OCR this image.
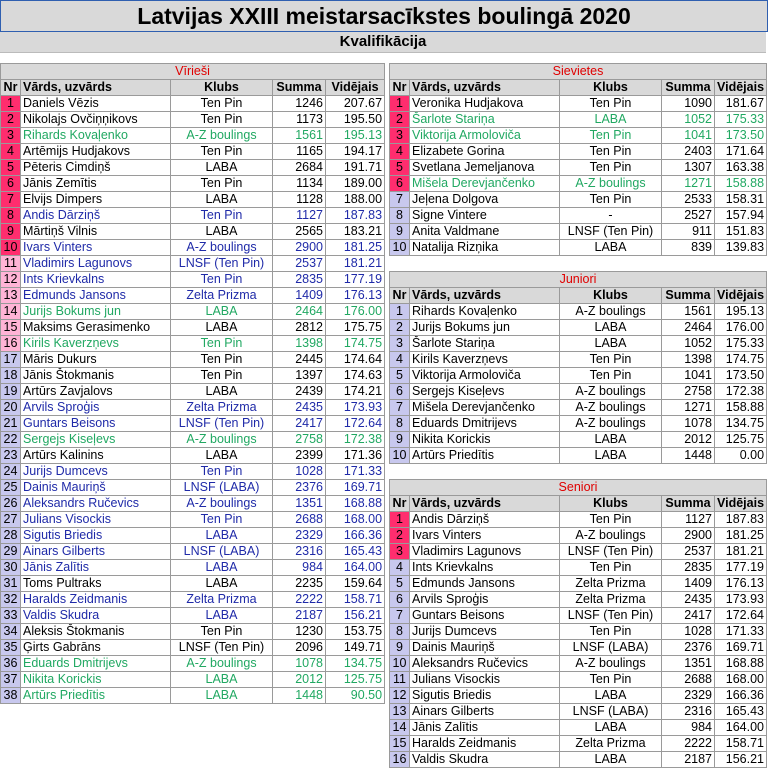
Latvijas XXIII meistarsacīkstes boulingā 2020
Kvalifikācija
Vīrieši				
Nr	Vārds, uzvārds	Klubs	Summa	Vidējais
1	Daniels Vēzis	Ten Pin	1246	207.67
2	Nikolajs Ovčiņņikovs	Ten Pin	1173	195.50
3	Rihards Kovaļenko	A-Z boulings	1561	195.13
4	Artēmijs Hudjakovs	Ten Pin	1165	194.17
5	Pēteris Cimdiņš	LABA	2684	191.71
6	Jānis Zemītis	Ten Pin	1134	189.00
7	Elvijs Dimpers	LABA	1128	188.00
8	Andis Dārziņš	Ten Pin	1127	187.83
9	Mārtiņš Vilnis	LABA	2565	183.21
10	Ivars Vinters	A-Z boulings	2900	181.25
11	Vladimirs Lagunovs	LNSF (Ten Pin)	2537	181.21
12	Ints Krievkalns	Ten Pin	2835	177.19
13	Edmunds Jansons	Zelta Prizma	1409	176.13
14	Jurijs Bokums jun	LABA	2464	176.00
15	Maksims Gerasimenko	LABA	2812	175.75
16	Kirils Kaverzņevs	Ten Pin	1398	174.75
17	Māris Dukurs	Ten Pin	2445	174.64
18	Jānis Štokmanis	Ten Pin	1397	174.63
19	Artūrs Zavjalovs	LABA	2439	174.21
20	Arvils Sproģis	Zelta Prizma	2435	173.93
21	Guntars Beisons	LNSF (Ten Pin)	2417	172.64
22	Sergejs Kiseļevs	A-Z boulings	2758	172.38
23	Artūrs Kalinins	LABA	2399	171.36
24	Jurijs Dumcevs	Ten Pin	1028	171.33
25	Dainis Mauriņš	LNSF (LABA)	2376	169.71
26	Aleksandrs Ručevics	A-Z boulings	1351	168.88
27	Julians Visockis	Ten Pin	2688	168.00
28	Sigutis Briedis	LABA	2329	166.36
29	Ainars Gilberts	LNSF (LABA)	2316	165.43
30	Jānis Zalītis	LABA	984	164.00
31	Toms Pultraks	LABA	2235	159.64
32	Haralds Zeidmanis	Zelta Prizma	2222	158.71
33	Valdis Skudra	LABA	2187	156.21
34	Aleksis Štokmanis	Ten Pin	1230	153.75
35	Ģirts Gabrāns	LNSF (Ten Pin)	2096	149.71
36	Eduards Dmitrijevs	A-Z boulings	1078	134.75
37	Nikita Korickis	LABA	2012	125.75
38	Artūrs Priedītis	LABA	1448	90.50
Sievietes				
Nr	Vārds, uzvārds	Klubs	Summa	Vidējais
1	Veronika Hudjakova	Ten Pin	1090	181.67
2	Šarlote Stariņa	LABA	1052	175.33
3	Viktorija Armoloviča	Ten Pin	1041	173.50
4	Elizabete Gorina	Ten Pin	2403	171.64
5	Svetlana Jemeljanova	Ten Pin	1307	163.38
6	Mišela Derevjančenko	A-Z boulings	1271	158.88
7	Jeļena Dolgova	Ten Pin	2533	158.31
8	Signe Vintere	-	2527	157.94
9	Anita Valdmane	LNSF (Ten Pin)	911	151.83
10	Natalija Rizņika	LABA	839	139.83
Juniori				
Nr	Vārds, uzvārds	Klubs	Summa	Vidējais
1	Rihards Kovaļenko	A-Z boulings	1561	195.13
2	Jurijs Bokums jun	LABA	2464	176.00
3	Šarlote Stariņa	LABA	1052	175.33
4	Kirils Kaverzņevs	Ten Pin	1398	174.75
5	Viktorija Armoloviča	Ten Pin	1041	173.50
6	Sergejs Kiseļevs	A-Z boulings	2758	172.38
7	Mišela Derevjančenko	A-Z boulings	1271	158.88
8	Eduards Dmitrijevs	A-Z boulings	1078	134.75
9	Nikita Korickis	LABA	2012	125.75
10	Artūrs Priedītis	LABA	1448	0.00
Seniori				
Nr	Vārds, uzvārds	Klubs	Summa	Vidējais
1	Andis Dārziņš	Ten Pin	1127	187.83
2	Ivars Vinters	A-Z boulings	2900	181.25
3	Vladimirs Lagunovs	LNSF (Ten Pin)	2537	181.21
4	Ints Krievkalns	Ten Pin	2835	177.19
5	Edmunds Jansons	Zelta Prizma	1409	176.13
6	Arvils Sproģis	Zelta Prizma	2435	173.93
7	Guntars Beisons	LNSF (Ten Pin)	2417	172.64
8	Jurijs Dumcevs	Ten Pin	1028	171.33
9	Dainis Mauriņš	LNSF (LABA)	2376	169.71
10	Aleksandrs Ručevics	A-Z boulings	1351	168.88
11	Julians Visockis	Ten Pin	2688	168.00
12	Sigutis Briedis	LABA	2329	166.36
13	Ainars Gilberts	LNSF (LABA)	2316	165.43
14	Jānis Zalītis	LABA	984	164.00
15	Haralds Zeidmanis	Zelta Prizma	2222	158.71
16	Valdis Skudra	LABA	2187	156.21
